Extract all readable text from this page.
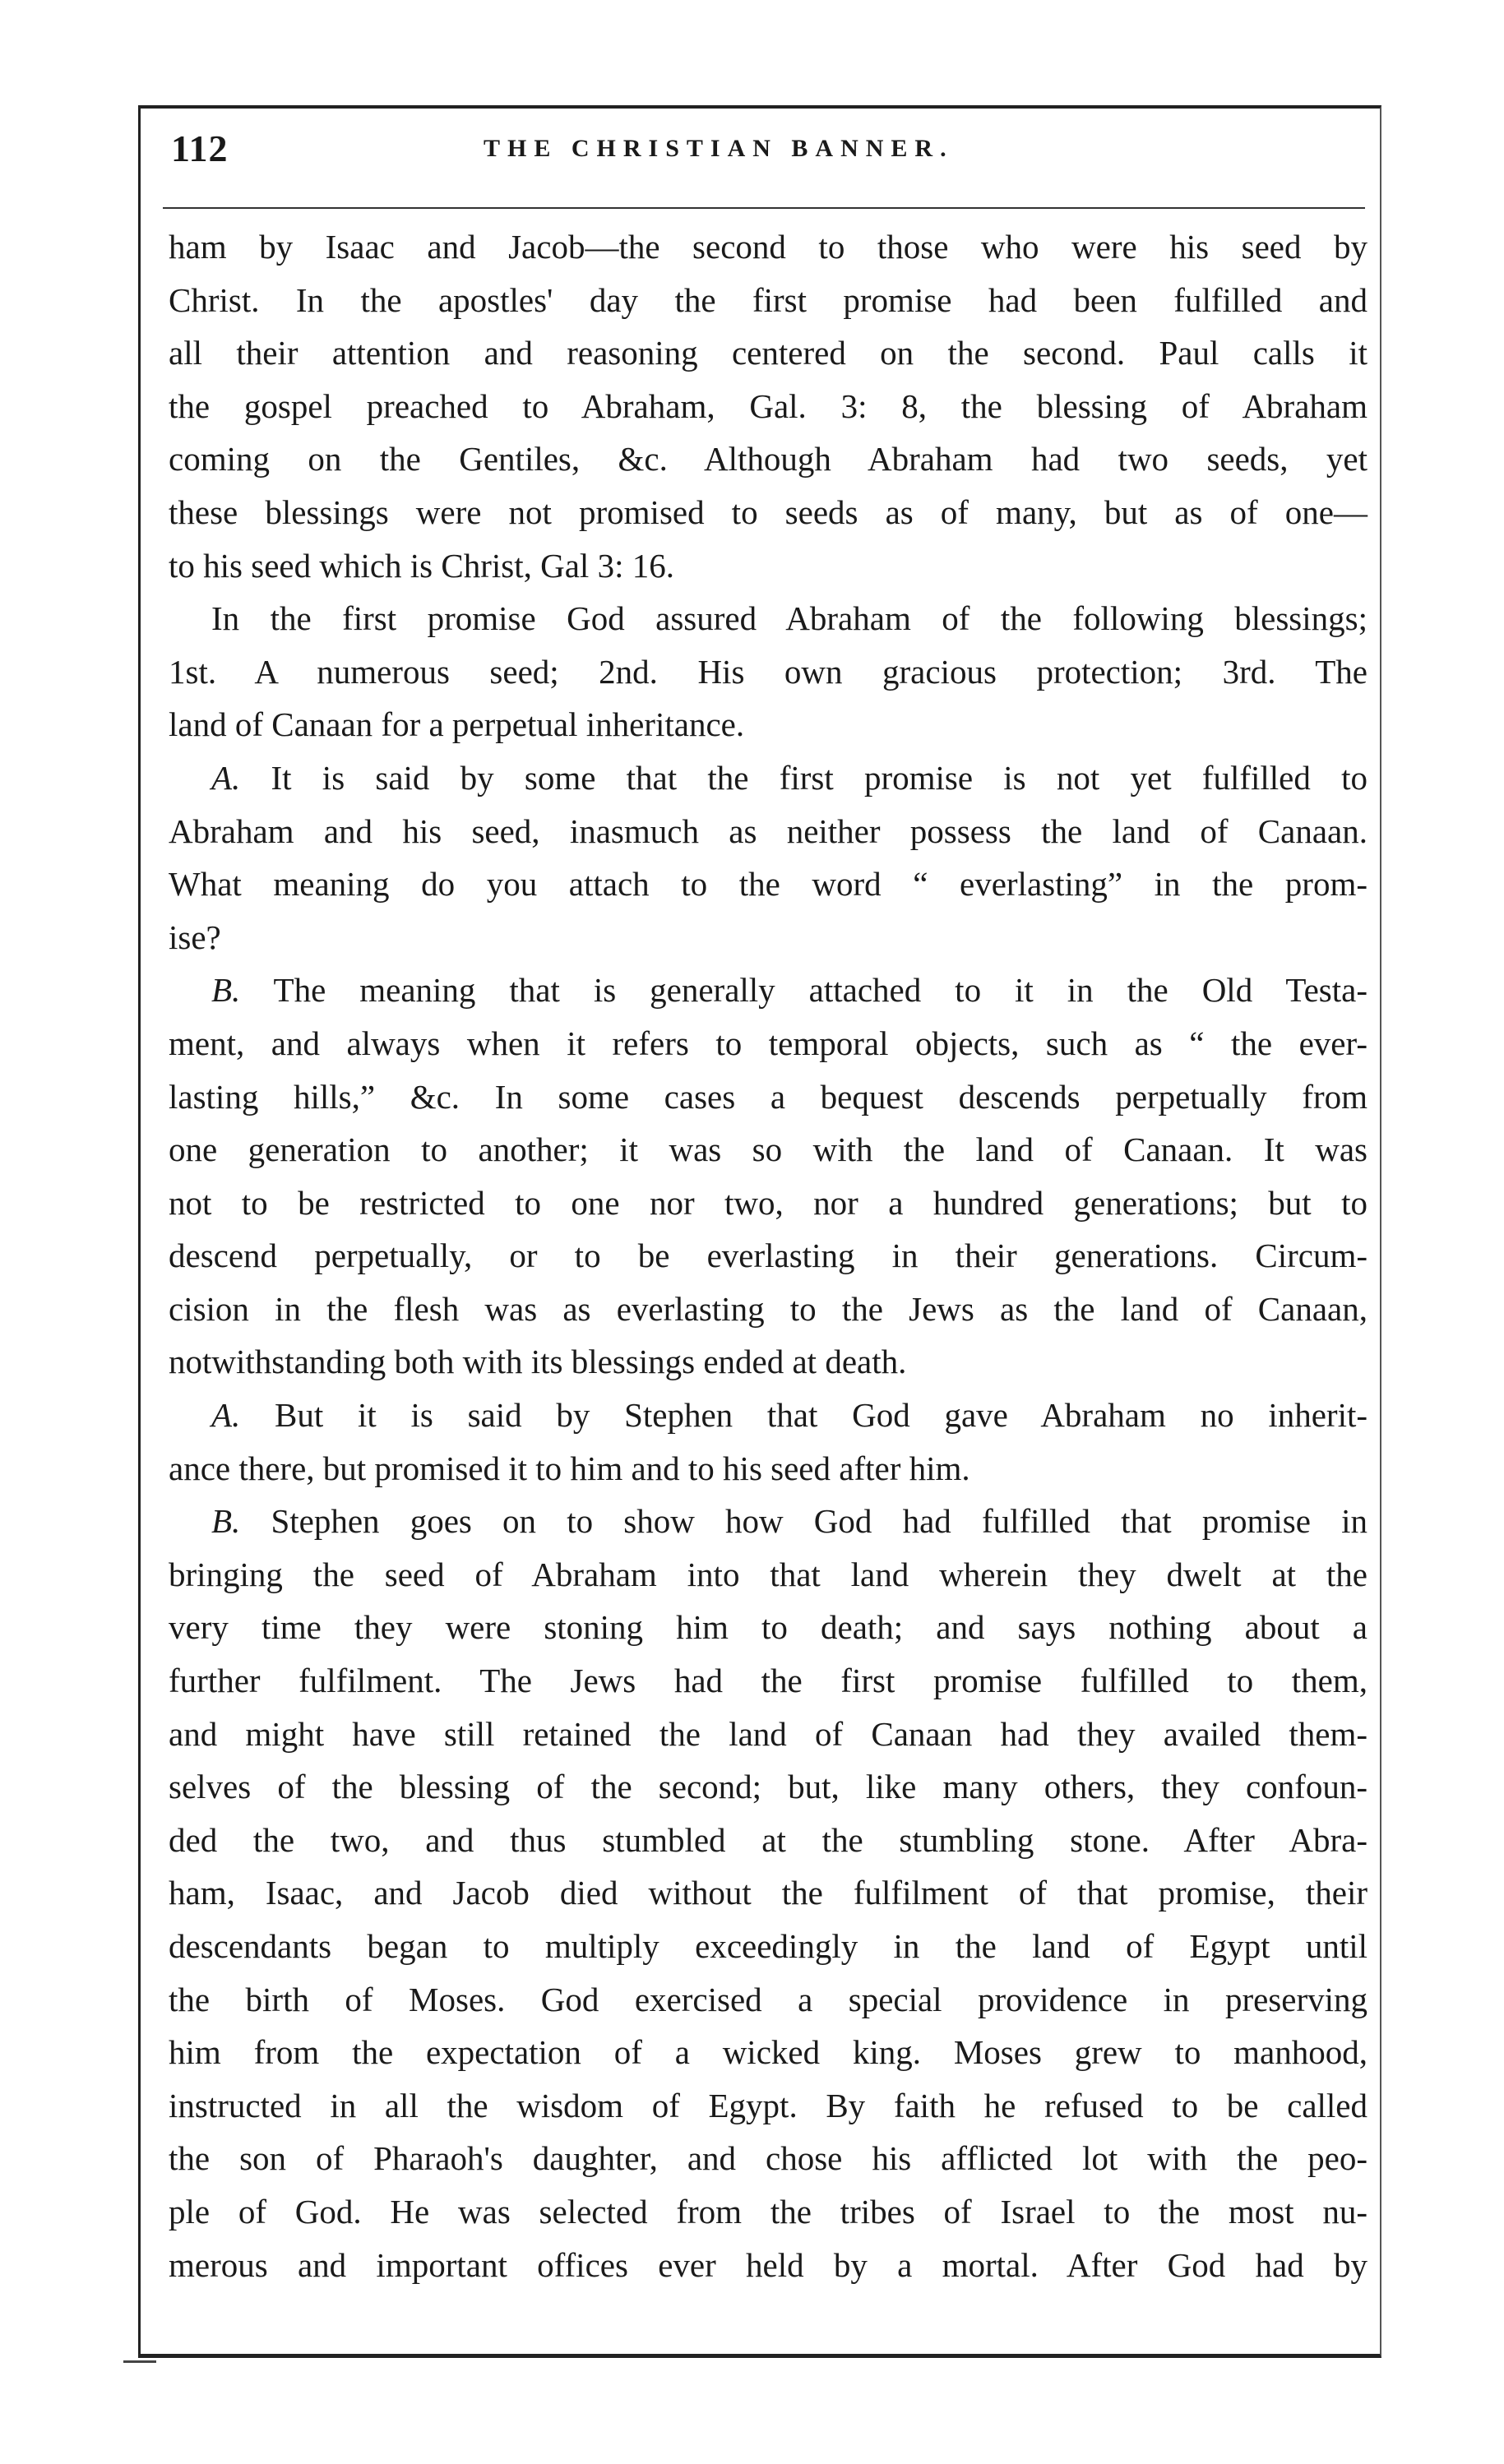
112	THE CHRISTIAN BANNER.
ham by Isaac and Jacob—the second to those who were his seed by
Christ. In the apostles' day the first promise had been fulfilled and
all their attention and reasoning centered on the second. Paul calls it
the gospel preached to Abraham, Gal. 3: 8, the blessing of Abraham
coming on the Gentiles, &c. Although Abraham had two seeds, yet
these blessings were not promised to seeds as of many, but as of one—
to his seed which is Christ, Gal 3: 16.
In the first promise God assured Abraham of the following blessings;
1st. A numerous seed; 2nd. His own gracious protection; 3rd. The
land of Canaan for a perpetual inheritance.
A. It is said by some that the first promise is not yet fulfilled to
Abraham and his seed, inasmuch as neither possess the land of Canaan.
What meaning do you attach to the word “ everlasting” in the prom-
ise?
B. The meaning that is generally attached to it in the Old Testa-
ment, and always when it refers to temporal objects, such as “ the ever-
lasting hills,” &c. In some cases a bequest descends perpetually from
one generation to another; it was so with the land of Canaan. It was
not to be restricted to one nor two, nor a hundred generations; but to
descend perpetually, or to be everlasting in their generations. Circum-
cision in the flesh was as everlasting to the Jews as the land of Canaan,
notwithstanding both with its blessings ended at death.
A. But it is said by Stephen that God gave Abraham no inherit-
ance there, but promised it to him and to his seed after him.
B. Stephen goes on to show how God had fulfilled that promise in
bringing the seed of Abraham into that land wherein they dwelt at the
very time they were stoning him to death; and says nothing about a
further fulfilment. The Jews had the first promise fulfilled to them,
and might have still retained the land of Canaan had they availed them-
selves of the blessing of the second; but, like many others, they confoun-
ded the two, and thus stumbled at the stumbling stone. After Abra-
ham, Isaac, and Jacob died without the fulfilment of that promise, their
descendants began to multiply exceedingly in the land of Egypt until
the birth of Moses. God exercised a special providence in preserving
him from the expectation of a wicked king. Moses grew to manhood,
instructed in all the wisdom of Egypt. By faith he refused to be called
the son of Pharaoh's daughter, and chose his afflicted lot with the peo-
ple of God. He was selected from the tribes of Israel to the most nu-
merous and important offices ever held by a mortal. After God had by
